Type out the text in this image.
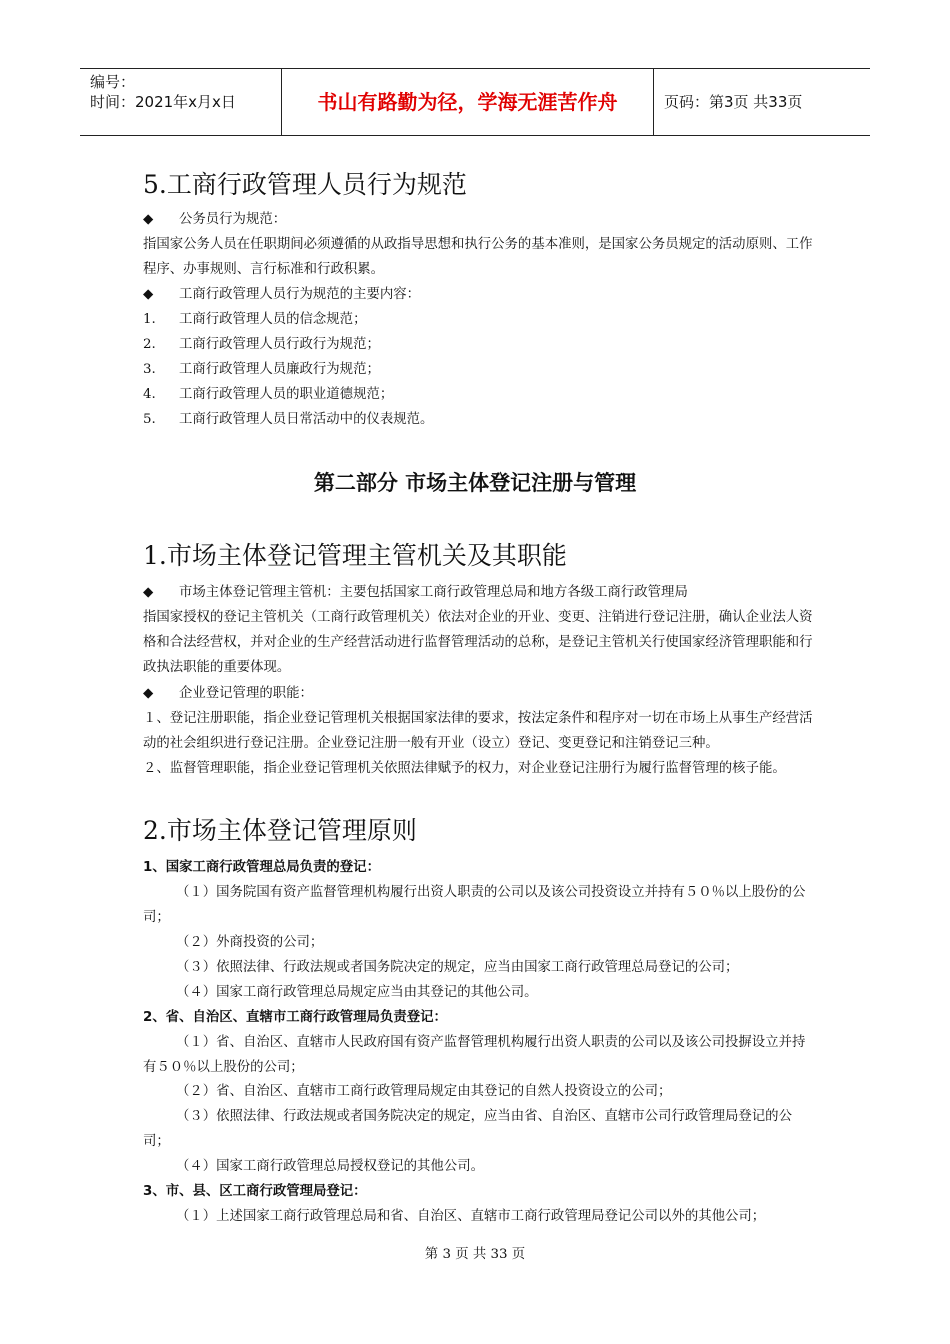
编号：
时间：2021年x月x日	书山有路勤为径，学海无涯苦作舟	页码：第3页 共33页
5.工商行政管理人员行为规范
◆ 公务员行为规范：
指国家公务人员在任职期间必须遵循的从政指导思想和执行公务的基本准则，是国家公务员规定的活动原则、工作程序、办事规则、言行标准和行政积累。
◆ 工商行政管理人员行为规范的主要内容：
1. 工商行政管理人员的信念规范；
2. 工商行政管理人员行政行为规范；
3. 工商行政管理人员廉政行为规范；
4. 工商行政管理人员的职业道德规范；
5. 工商行政管理人员日常活动中的仪表规范。
第二部分 市场主体登记注册与管理
1.市场主体登记管理主管机关及其职能
◆ 市场主体登记管理主管机：主要包括国家工商行政管理总局和地方各级工商行政管理局
指国家授权的登记主管机关（工商行政管理机关）依法对企业的开业、变更、注销进行登记注册，确认企业法人资格和合法经营权，并对企业的生产经营活动进行监督管理活动的总称，是登记主管机关行使国家经济管理职能和行政执法职能的重要体现。
◆ 企业登记管理的职能：
１、登记注册职能，指企业登记管理机关根据国家法律的要求，按法定条件和程序对一切在市场上从事生产经营活动的社会组织进行登记注册。企业登记注册一般有开业（设立）登记、变更登记和注销登记三种。
２、监督管理职能，指企业登记管理机关依照法律赋予的权力，对企业登记注册行为履行监督管理的核子能。
2.市场主体登记管理原则
1、国家工商行政管理总局负责的登记：
（１）国务院国有资产监督管理机构履行出资人职责的公司以及该公司投资设立并持有５０％以上股份的公司；
（２）外商投资的公司；
（３）依照法律、行政法规或者国务院决定的规定，应当由国家工商行政管理总局登记的公司；
（４）国家工商行政管理总局规定应当由其登记的其他公司。
2、省、自治区、直辖市工商行政管理局负责登记：
（１）省、自治区、直辖市人民政府国有资产监督管理机构履行出资人职责的公司以及该公司投摒设立并持有５０％以上股份的公司；
（２）省、自治区、直辖市工商行政管理局规定由其登记的自然人投资设立的公司；
（３）依照法律、行政法规或者国务院决定的规定，应当由省、自治区、直辖市公司行政管理局登记的公司；
（４）国家工商行政管理总局授权登记的其他公司。
3、市、县、区工商行政管理局登记：
（１）上述国家工商行政管理总局和省、自治区、直辖市工商行政管理局登记公司以外的其他公司；
第 3 页 共 33 页
